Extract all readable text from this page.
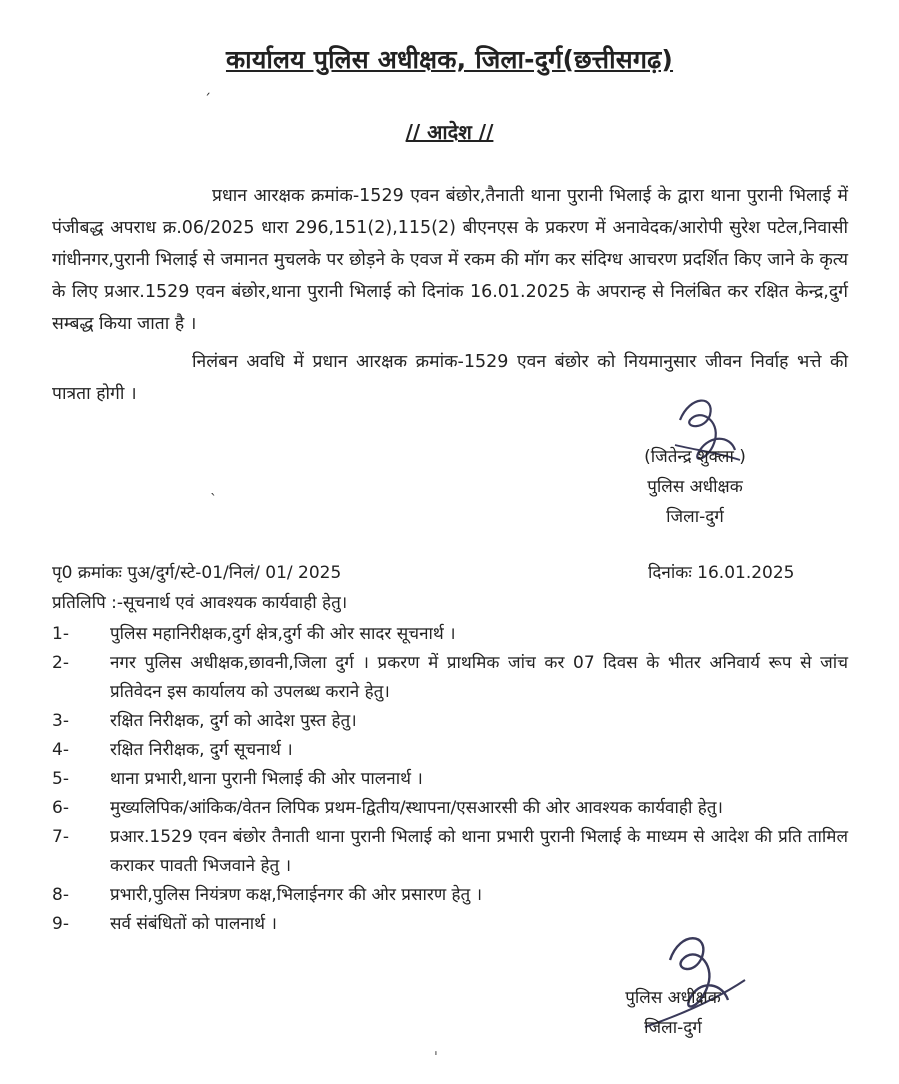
कार्यालय पुलिस अधीक्षक, जिला-दुर्ग(छत्तीसगढ़)
ˏ
// आदेश //
प्रधान आरक्षक क्रमांक-1529 एवन बंछोर,तैनाती थाना पुरानी भिलाई के द्वारा थाना पुरानी भिलाई में पंजीबद्ध अपराध क्र.06/2025 धारा 296,151(2),115(2) बीएनएस के प्रकरण में अनावेदक/आरोपी सुरेश पटेल,निवासी गांधीनगर,पुरानी भिलाई से जमानत मुचलके पर छोड़ने के एवज में रकम की मॉग कर संदिग्ध आचरण प्रदर्शित किए जाने के कृत्य के लिए प्रआर.1529 एवन बंछोर,थाना पुरानी भिलाई को दिनांक 16.01.2025 के अपरान्ह से निलंबित कर रक्षित केन्द्र,दुर्ग सम्बद्ध किया जाता है ।
निलंबन अवधि में प्रधान आरक्षक क्रमांक-1529 एवन बंछोर को नियमानुसार जीवन निर्वाह भत्ते की पात्रता होगी ।
(जितेन्द्र शुक्ला )
पुलिस अधीक्षक
जिला-दुर्ग
ˎ
पृ0 क्रमांकः पुअ/दुर्ग/स्टे-01/निलं/ 01/ 2025	दिनांकः 16.01.2025
प्रतिलिपि :-सूचनार्थ एवं आवश्यक कार्यवाही हेतु।
1-	पुलिस महानिरीक्षक,दुर्ग क्षेत्र,दुर्ग की ओर सादर सूचनार्थ ।
2-	नगर पुलिस अधीक्षक,छावनी,जिला दुर्ग । प्रकरण में प्राथमिक जांच कर 07 दिवस के भीतर अनिवार्य रूप से जांच प्रतिवेदन इस कार्यालय को उपलब्ध कराने हेतु।
3-	रक्षित निरीक्षक, दुर्ग को आदेश पुस्त हेतु।
4-	रक्षित निरीक्षक, दुर्ग सूचनार्थ ।
5-	थाना प्रभारी,थाना पुरानी भिलाई की ओर पालनार्थ ।
6-	मुख्यलिपिक/आंकिक/वेतन लिपिक प्रथम-द्वितीय/स्थापना/एसआरसी की ओर आवश्यक कार्यवाही हेतु।
7-	प्रआर.1529 एवन बंछोर तैनाती थाना पुरानी भिलाई को थाना प्रभारी पुरानी भिलाई के माध्यम से आदेश की प्रति तामिल कराकर पावती भिजवाने हेतु ।
8-	प्रभारी,पुलिस नियंत्रण कक्ष,भिलाईनगर की ओर प्रसारण हेतु ।
9-	सर्व संबंधितों को पालनार्थ ।
पुलिस अधीक्षक
जिला-दुर्ग
ˈ
